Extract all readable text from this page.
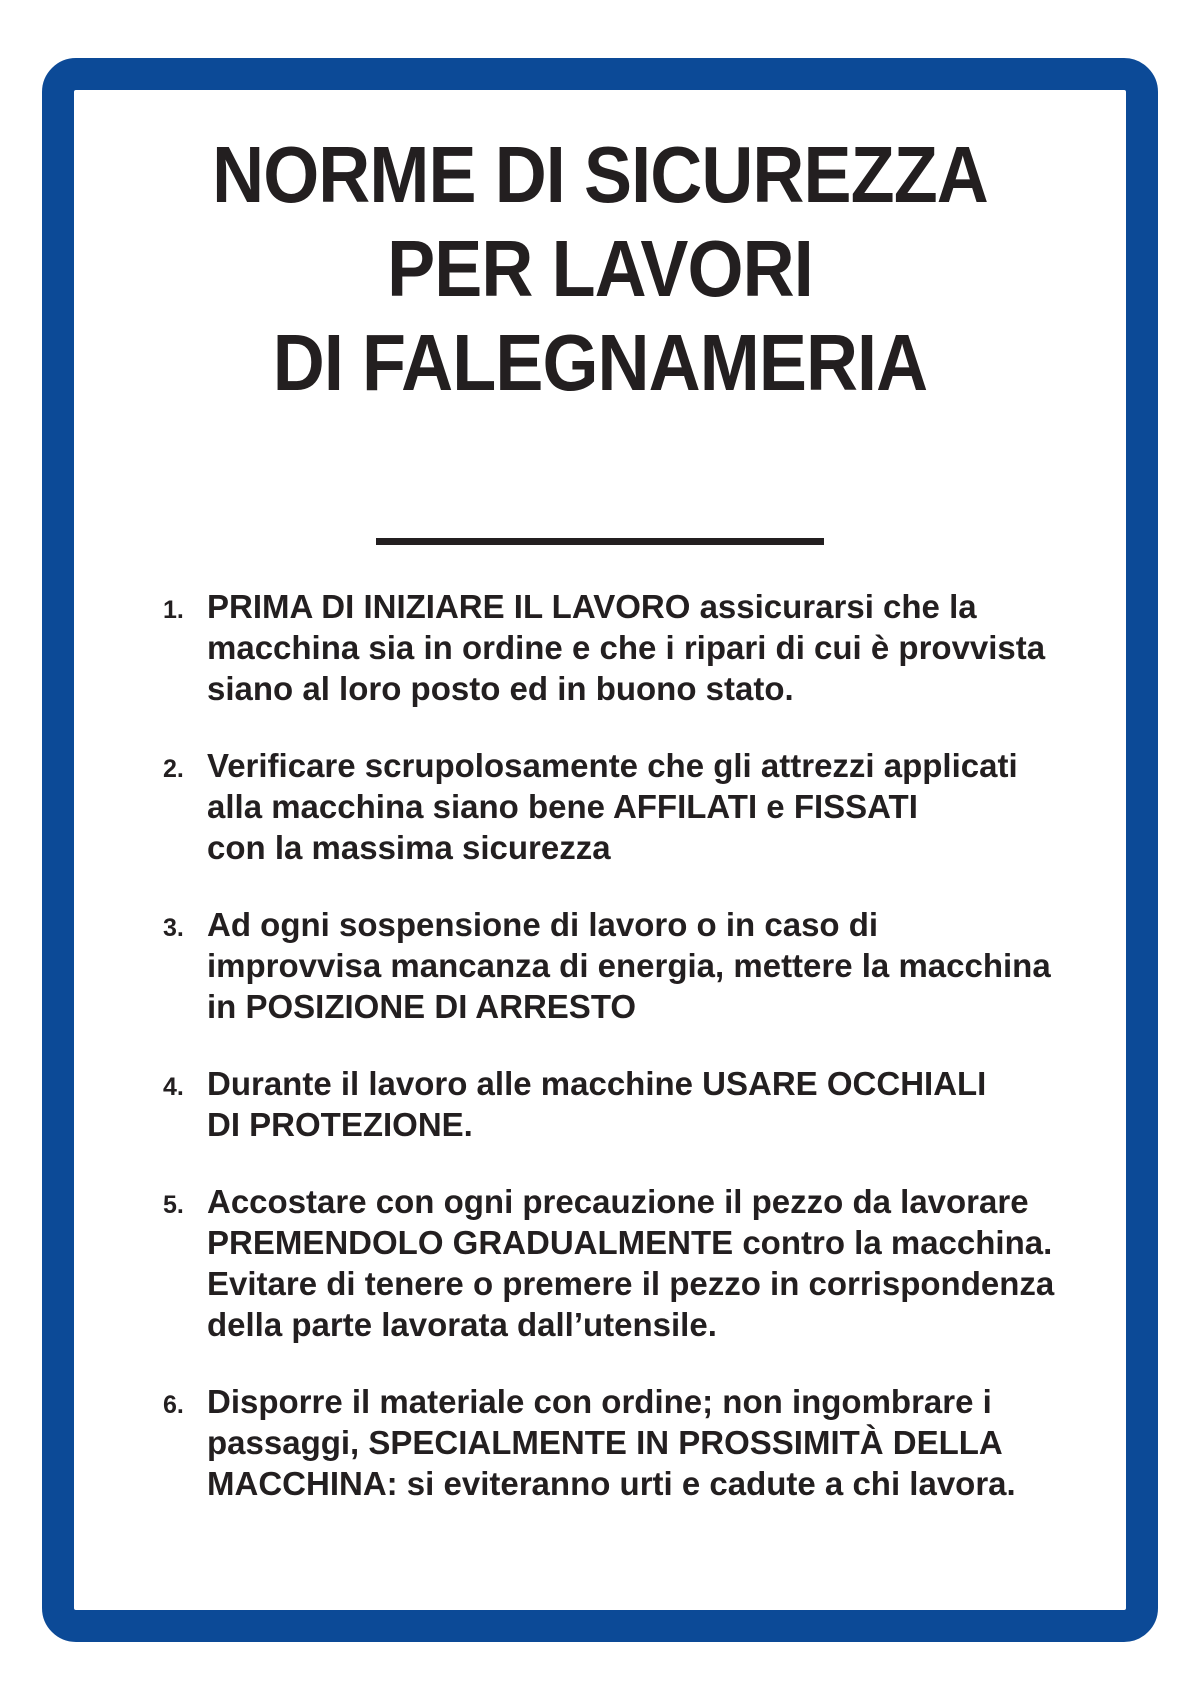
NORME DI SICUREZZA
PER LAVORI
DI FALEGNAMERIA
1. PRIMA DI INIZIARE IL LAVORO assicurarsi che la
macchina sia in ordine e che i ripari di cui è provvista
siano al loro posto ed in buono stato.
2. Verificare scrupolosamente che gli attrezzi applicati
alla macchina siano bene AFFILATI e FISSATI
con la massima sicurezza
3. Ad ogni sospensione di lavoro o in caso di
improvvisa mancanza di energia, mettere la macchina
in POSIZIONE DI ARRESTO
4. Durante il lavoro alle macchine USARE OCCHIALI
DI PROTEZIONE.
5. Accostare con ogni precauzione il pezzo da lavorare
PREMENDOLO GRADUALMENTE contro la macchina.
Evitare di tenere o premere il pezzo in corrispondenza
della parte lavorata dall’utensile.
6. Disporre il materiale con ordine; non ingombrare i
passaggi, SPECIALMENTE IN PROSSIMITÀ DELLA
MACCHINA: si eviteranno urti e cadute a chi lavora.
